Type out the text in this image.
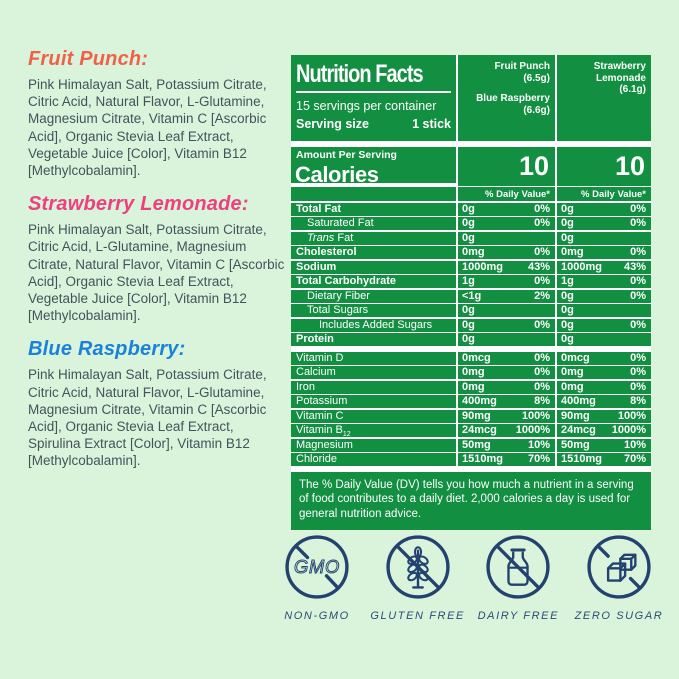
Fruit Punch:

Pink Himalayan Salt, Potassium Citrate, Citric Acid, Natural Flavor, L-Glutamine, Magnesium Citrate, Vitamin C [Ascorbic Acid], Organic Stevia Leaf Extract, Vegetable Juice [Color], Vitamin B12 [Methylcobalamin].

Strawberry Lemonade:

Pink Himalayan Salt, Potassium Citrate, Citric Acid, L-Glutamine, Magnesium Citrate, Natural Flavor, Vitamin C [Ascorbic Acid], Organic Stevia Leaf Extract, Vegetable Juice [Color], Vitamin B12 [Methylcobalamin].

Blue Raspberry:

Pink Himalayan Salt, Potassium Citrate, Citric Acid, Natural Flavor, L-Glutamine, Magnesium Citrate, Vitamin C [Ascorbic Acid], Organic Stevia Leaf Extract, Spirulina Extract [Color], Vitamin B12 [Methylcobalamin].

Nutrition Facts
15 servings per container
Serving size	1 stick
Fruit Punch
(6.5g)
Blue Raspberry
(6.6g)
Strawberry Lemonade
(6.1g)
Amount Per Serving
Calories	10	10
% Daily Value*	% Daily Value*
Total Fat	0g	0% 0g	0%
Saturated Fat	0g	0% 0g	0%
Trans Fat	0g	0g
Cholesterol	0mg	0% 0mg	0%
Sodium	1000mg 43% 1000mg 43%
Total Carbohydrate	1g	0% 1g	0%
Dietary Fiber	<1g	2% 0g	0%
Total Sugars	0g	0g
Includes Added Sugars	0g	0% 0g	0%
Protein	0g	0g
Vitamin D	0mcg	0% 0mcg	0%
Calcium	0mg	0% 0mg	0%
Iron	0mg	0% 0mg	0%
Potassium	400mg	8% 400mg	8%
Vitamin C	90mg	100% 90mg	100%
Vitamin $B_{12}$	24mcg 1000% 24mcg 1000%
Magnesium	50mg	10% 50mg	10%
Chloride	1510mg 70% 1510mg 70%
The % Daily Value (DV) tells you how much a nutrient in a serving of food contributes to a daily diet. 2,000 calories a day is used for general nutrition advice.
GMO
NON-GMO GLUTEN FREE DAIRY FREE ZERO SUGAR
